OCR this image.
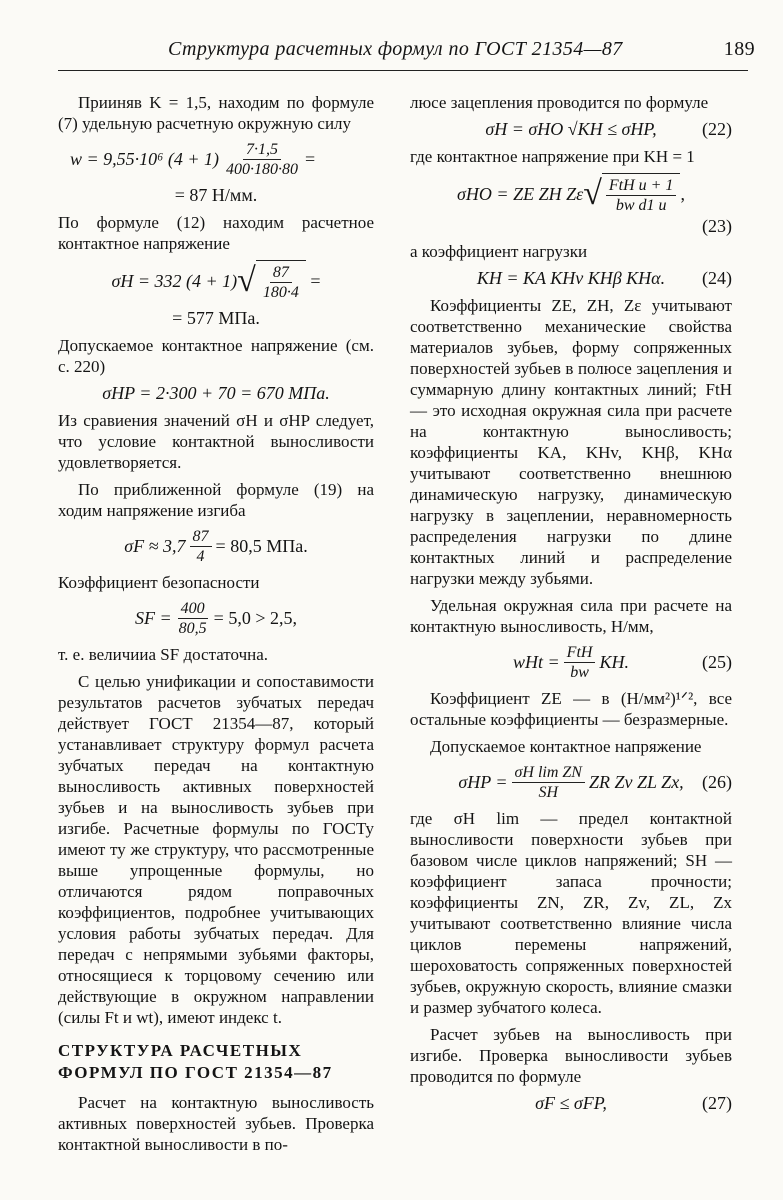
Структура расчетных формул по ГОСТ 21354—87	189

Прииняв K = 1,5, находим по формуле (7) удельную расчетную окружную силу

w = 9,55·10⁶ $(4 + 1) \frac{7\cdot 1,5}{400\cdot 180\cdot 80}$ =
= 87 Н/мм.

По формуле (12) находим расчетное контактное напряжение

σH = 332 (4 + 1) √ $\frac{87}{180\cdot 4}$ =
= 577 МПа.

Допускаемое контактное напряжение (см. с. 220)

σHP = 2·300 + 70 = 670 МПа.

Из сравиения значений σH и σHP следует, что условие контактной выносливости удовлетворяется.

По приближенной формуле (19) на ходим напряжение изгиба

$\sigma F \approx 3,7 \frac{87}{4} = 80,5$ МПа.

Коэффициент безопасности

SF = $\frac{400}{80,5} = 5,0 > 2,5$,

т. е. величииа SF достаточна.

С целью унификации и сопоставимости результатов расчетов зубчатых передач действует ГОСТ 21354—87, который устанавливает структуру формул расчета зубчатых передач на контактную выносливость активных поверхностей зубьев и на выносливость зубьев при изгибе. Расчетные формулы по ГОСТу имеют ту же структуру, что рассмотренные выше упрощенные формулы, но отличаются рядом поправочных коэффициентов, подробнее учитывающих условия работы зубчатых передач. Для передач с непрямыми зубьями факторы, относящиеся к торцовому сечению или действующие в окружном направлении (силы Ft и wt), имеют индекс t.

СТРУКТУРА РАСЧЕТНЫХ
ФОРМУЛ ПО ГОСТ 21354—87

Расчет на контактную выносливость активных поверхностей зубьев. Проверка контактной выносливости в по-

люсе зацепления проводится по формуле

σH = σHO √KH ≤ σHP,	(22)

где контактное напряжение при KH = 1

σHO = ZE ZH Zε √ $\frac{\text{FtH u + 1}}{\text{bw d1 u}}$ ,
(23)

а коэффициент нагрузки

KH = KA KHv KHβ KHα. (24)

Коэффициенты ZE, ZH, Zε учитывают соответственно механические свойства материалов зубьев, форму сопряженных поверхностей зубьев в полюсе зацепления и суммарную длину контактных линий; FtH — это исходная окружная сила при расчете на контактную выносливость; коэффициенты KA, KHv, KHβ, KHα учитывают соответственно внешнюю динамическую нагрузку, динамическую нагрузку в зацеплении, неравномерность распределения нагрузки по длине контактных линий и распределение нагрузки между зубьями.

Удельная окружная сила при расчете на контактную выносливость, Н/мм,

wHt = $\frac{\text{FtH}}{bw}$ KH.	(25)

Коэффициент ZE — в (Н/мм²)¹ᐟ², все остальные коэффициенты — безразмерные.

Допускаемое контактное напряжение

$\sigma HP = \frac{\text{σH lim ZN}}{SH}$ ZR Zv ZL Zx, (26)

где σH lim — предел контактной выносливости поверхности зубьев при базовом числе циклов напряжений; SH — коэффициент запаса прочности; коэффициенты ZN, ZR, Zv, ZL, Zx учитывают соответственно влияние числа циклов перемены напряжений, шероховатость сопряженных поверхностей зубьев, окружную скорость, влияние смазки и размер зубчатого колеса.

Расчет зубьев на выносливость при изгибе. Проверка выносливости зубьев проводится по формуле

σF ≤ σFP,	(27)
